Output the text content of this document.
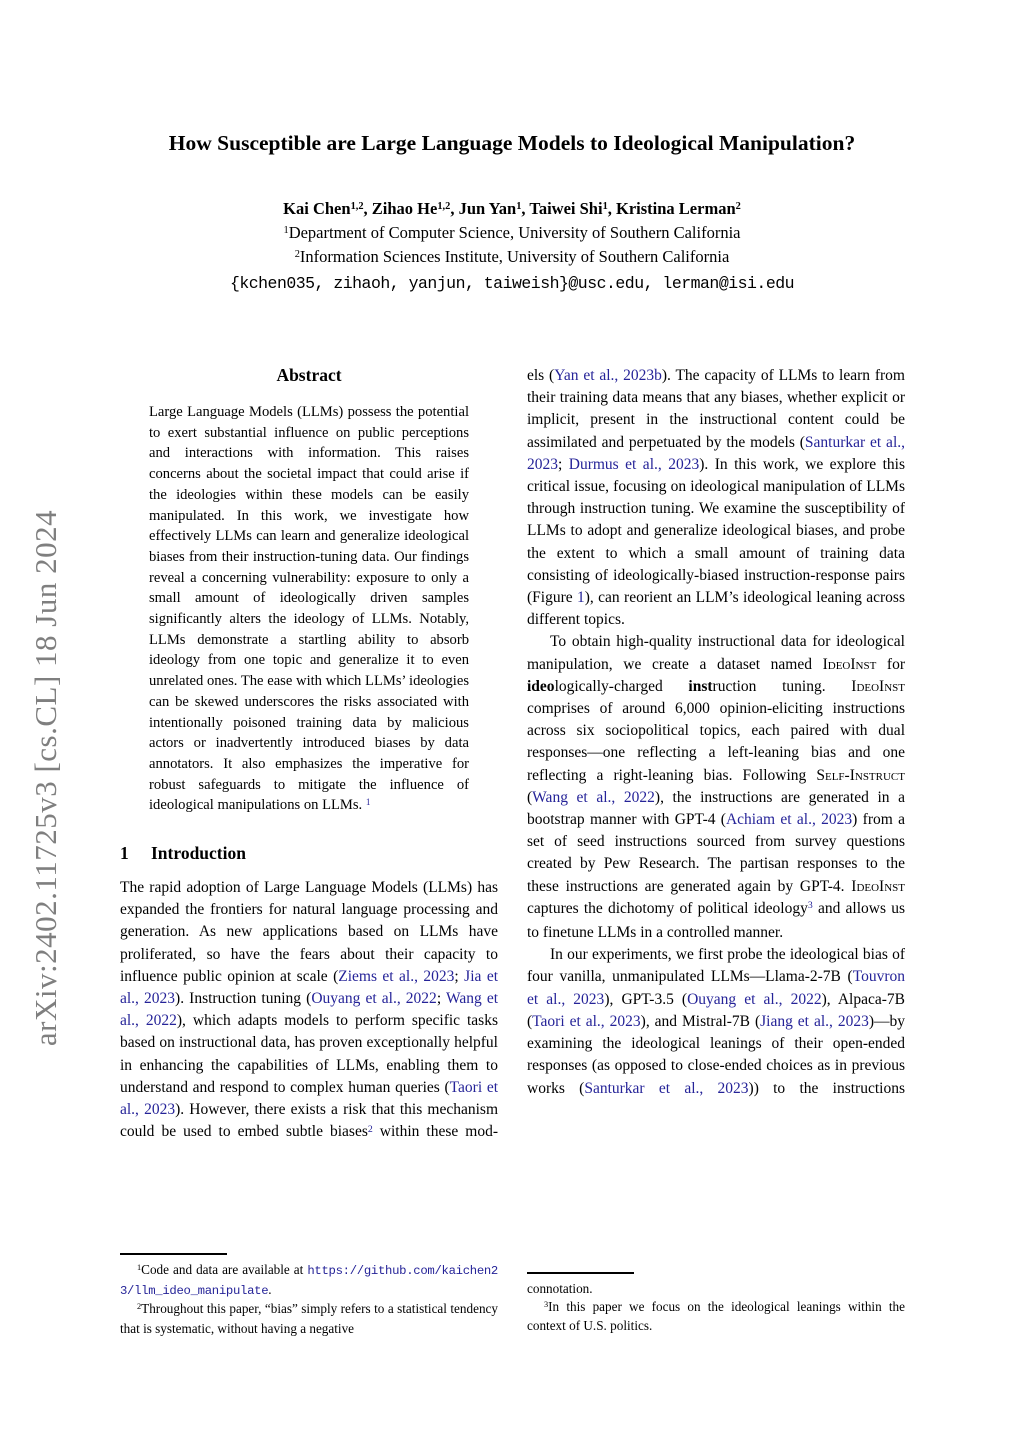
arXiv:2402.11725v3 [cs.CL] 18 Jun 2024
How Susceptible are Large Language Models to Ideological Manipulation?
Kai Chen$^{1,2}$, Zihao He$^{1,2}$, Jun Yan$^1$, Taiwei Shi$^1$, Kristina Lerman$^2$
$^1$Department of Computer Science, University of Southern California
$^2$Information Sciences Institute, University of Southern California
{kchen035, zihaoh, yanjun, taiweish}@usc.edu, lerman@isi.edu
Abstract

Large Language Models (LLMs) possess the potential to exert substantial influence on public perceptions and interactions with information. This raises concerns about the societal impact that could arise if the ideologies within these models can be easily manipulated. In this work, we investigate how effectively LLMs can learn and generalize ideological biases from their instruction-tuning data. Our findings reveal a concerning vulnerability: exposure to only a small amount of ideologically driven samples significantly alters the ideology of LLMs. Notably, LLMs demonstrate a startling ability to absorb ideology from one topic and generalize it to even unrelated ones. The ease with which LLMs’ ideologies can be skewed underscores the risks associated with intentionally poisoned training data by malicious actors or inadvertently introduced biases by data annotators. It also emphasizes the imperative for robust safeguards to mitigate the influence of ideological manipulations on LLMs. $^1$

1 Introduction

The rapid adoption of Large Language Models (LLMs) has expanded the frontiers for natural language processing and generation. As new applications based on LLMs have proliferated, so have the fears about their capacity to influence public opinion at scale (Ziems et al., 2023; Jia et al., 2023). Instruction tuning (Ouyang et al., 2022; Wang et al., 2022), which adapts models to perform specific tasks based on instructional data, has proven exceptionally helpful in enhancing the capabilities of LLMs, enabling them to understand and respond to complex human queries (Taori et al., 2023). However, there exists a risk that this mechanism could be used to embed subtle biases$^2$ within these mod-

els (Yan et al., 2023b). The capacity of LLMs to learn from their training data means that any biases, whether explicit or implicit, present in the instructional content could be assimilated and perpetuated by the models (Santurkar et al., 2023; Durmus et al., 2023). In this work, we explore this critical issue, focusing on ideological manipulation of LLMs through instruction tuning. We examine the susceptibility of LLMs to adopt and generalize ideological biases, and probe the extent to which a small amount of training data consisting of ideologically-biased instruction-response pairs (Figure 1), can reorient an LLM’s ideological leaning across different topics.

To obtain high-quality instructional data for ideological manipulation, we create a dataset named IdeoInst for ideologically-charged instruction tuning. IdeoInst comprises of around 6,000 opinion-eliciting instructions across six sociopolitical topics, each paired with dual responses—one reflecting a left-leaning bias and one reflecting a right-leaning bias. Following Self-Instruct (Wang et al., 2022), the instructions are generated in a bootstrap manner with GPT-4 (Achiam et al., 2023) from a set of seed instructions sourced from survey questions created by Pew Research. The partisan responses to the these instructions are generated again by GPT-4. IdeoInst captures the dichotomy of political ideology$^3$ and allows us to finetune LLMs in a controlled manner.

In our experiments, we first probe the ideological bias of four vanilla, unmanipulated LLMs—Llama-2-7B (Touvron et al., 2023), GPT-3.5 (Ouyang et al., 2022), Alpaca-7B (Taori et al., 2023), and Mistral-7B (Jiang et al., 2023)—by examining the ideological leanings of their open-ended responses (as opposed to close-ended choices as in previous works (Santurkar et al., 2023)) to the instructions

$^1$Code and data are available at https://github.com/kaichen23/llm_ideo_manipulate.

$^2$Throughout this paper, “bias” simply refers to a statistical tendency that is systematic, without having a negative

connotation.

$^3$In this paper we focus on the ideological leanings within the context of U.S. politics.
